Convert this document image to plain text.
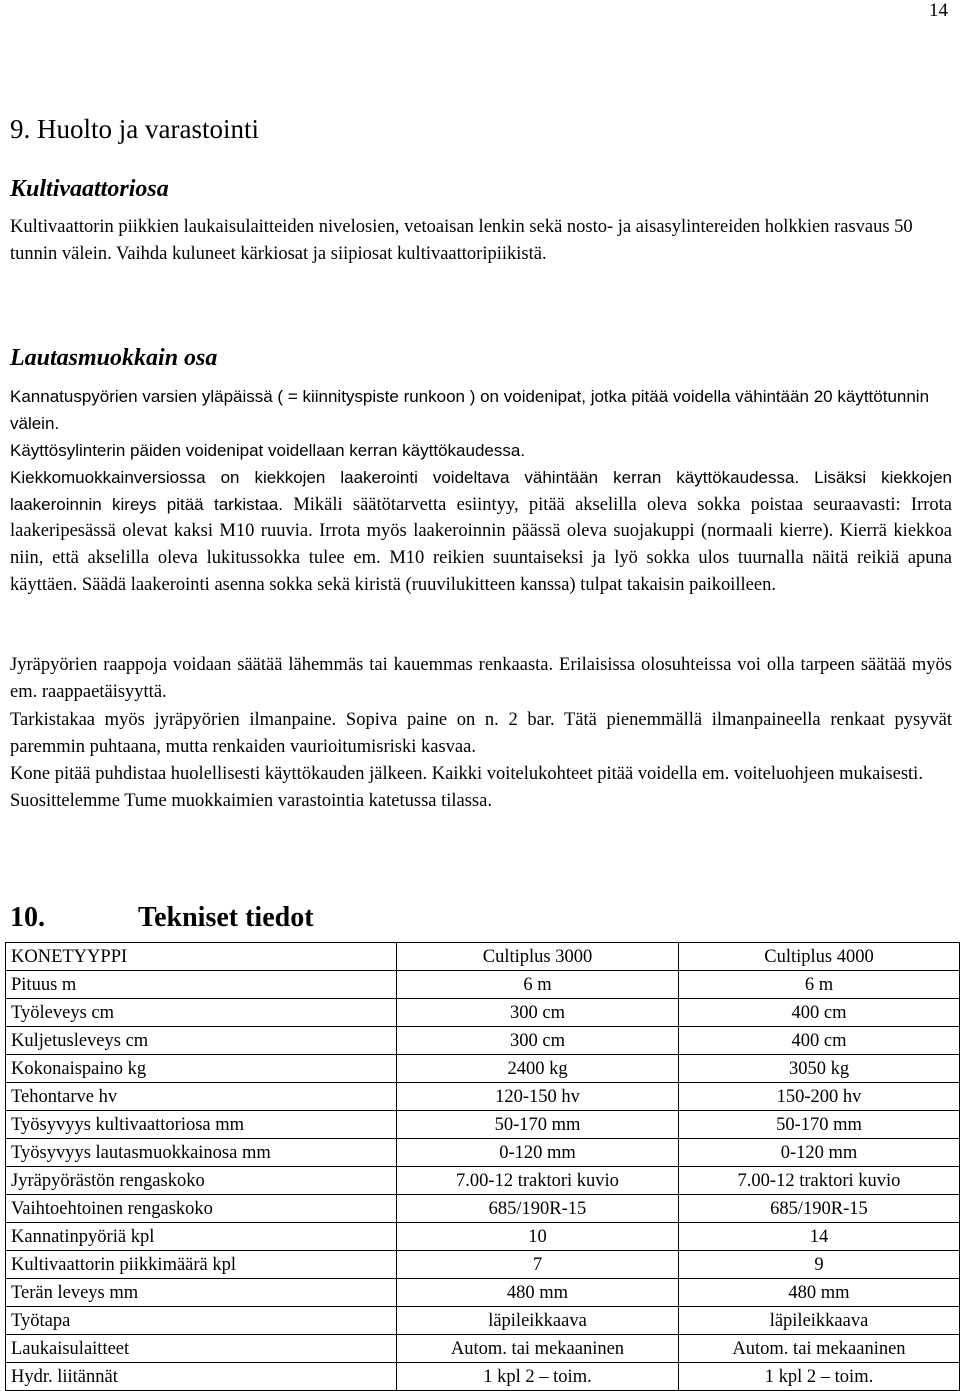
14
9. Huolto ja varastointi
Kultivaattoriosa

Kultivaattorin piikkien laukaisulaitteiden nivelosien, vetoaisan lenkin sekä nosto- ja aisasylintereiden holkkien rasvaus 50 tunnin välein. Vaihda kuluneet kärkiosat ja siipiosat kultivaattoripiikistä.

Lautasmuokkain osa

Kannatuspyörien varsien yläpäissä ( = kiinnityspiste runkoon ) on voidenipat, jotka pitää voidella vähintään 20 käyttötunnin välein.

Käyttösylinterin päiden voidenipat voidellaan kerran käyttökaudessa.

Kiekkomuokkainversiossa on kiekkojen laakerointi voideltava vähintään kerran käyttökaudessa. Lisäksi kiekkojen laakeroinnin kireys pitää tarkistaa. Mikäli säätötarvetta esiintyy, pitää akselilla oleva sokka poistaa seuraavasti: Irrota laakeripesässä olevat kaksi M10 ruuvia. Irrota myös laakeroinnin päässä oleva suojakuppi (normaali kierre). Kierrä kiekkoa niin, että akselilla oleva lukitussokka tulee em. M10 reikien suuntaiseksi ja lyö sokka ulos tuurnalla näitä reikiä apuna käyttäen. Säädä laakerointi asenna sokka sekä kiristä (ruuvilukitteen kanssa) tulpat takaisin paikoilleen.

Jyräpyörien raappoja voidaan säätää lähemmäs tai kauemmas renkaasta. Erilaisissa olosuhteissa voi olla tarpeen säätää myös em. raappaetäisyyttä.

Tarkistakaa myös jyräpyörien ilmanpaine. Sopiva paine on n. 2 bar. Tätä pienemmällä ilmanpaineella renkaat pysyvät paremmin puhtaana, mutta renkaiden vaurioitumisriski kasvaa.

Kone pitää puhdistaa huolellisesti käyttökauden jälkeen. Kaikki voitelukohteet pitää voidella em. voiteluohjeen mukaisesti. Suosittelemme Tume muokkaimien varastointia katetussa tilassa.

10.	Tekniset tiedot
KONETYYPPI	Cultiplus 3000	Cultiplus 4000
Pituus m	6 m	6 m
Työleveys cm	300 cm	400 cm
Kuljetusleveys cm	300 cm	400 cm
Kokonaispaino kg	2400 kg	3050 kg
Tehontarve hv	120-150 hv	150-200 hv
Työsyvyys kultivaattoriosa mm	50-170 mm	50-170 mm
Työsyvyys lautasmuokkainosa mm	0-120 mm	0-120 mm
Jyräpyörästön rengaskoko	7.00-12 traktori kuvio	7.00-12 traktori kuvio
Vaihtoehtoinen rengaskoko	685/190R-15	685/190R-15
Kannatinpyöriä kpl	10	14
Kultivaattorin piikkimäärä kpl	7	9
Terän leveys mm	480 mm	480 mm
Työtapa	läpileikkaava	läpileikkaava
Laukaisulaitteet	Autom. tai mekaaninen	Autom. tai mekaaninen
Hydr. liitännät	1 kpl 2 – toim.	1 kpl 2 – toim.
